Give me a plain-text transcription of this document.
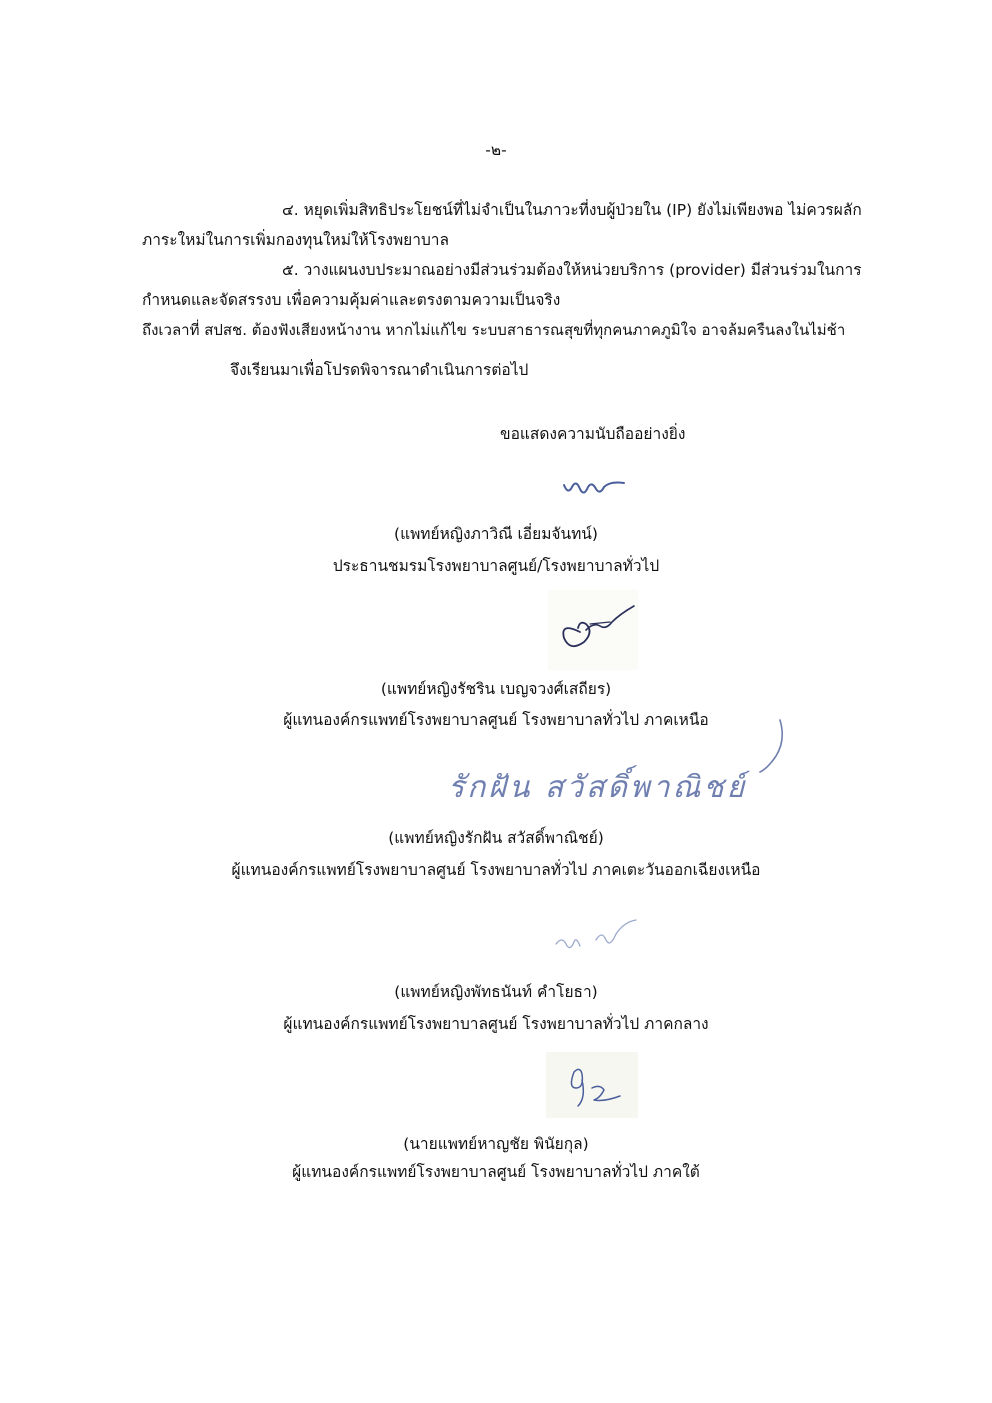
-๒-
๔. หยุดเพิ่มสิทธิประโยชน์ที่ไม่จำเป็นในภาวะที่งบผู้ป่วยใน (IP) ยังไม่เพียงพอ ไม่ควรผลัก
ภาระใหม่ในการเพิ่มกองทุนใหม่ให้โรงพยาบาล
๕. วางแผนงบประมาณอย่างมีส่วนร่วมต้องให้หน่วยบริการ (provider) มีส่วนร่วมในการ
กำหนดและจัดสรรงบ เพื่อความคุ้มค่าและตรงตามความเป็นจริง
ถึงเวลาที่ สปสช. ต้องฟังเสียงหน้างาน หากไม่แก้ไข ระบบสาธารณสุขที่ทุกคนภาคภูมิใจ อาจล้มครืนลงในไม่ช้า
จึงเรียนมาเพื่อโปรดพิจารณาดำเนินการต่อไป
ขอแสดงความนับถืออย่างยิ่ง
(แพทย์หญิงภาวิณี เอี่ยมจันทน์)
ประธานชมรมโรงพยาบาลศูนย์/โรงพยาบาลทั่วไป
(แพทย์หญิงรัชริน เบญจวงศ์เสถียร)
ผู้แทนองค์กรแพทย์โรงพยาบาลศูนย์ โรงพยาบาลทั่วไป ภาคเหนือ
รักฝัน สวัสดิ์พาณิชย์
(แพทย์หญิงรักฝัน สวัสดิ์พาณิชย์)
ผู้แทนองค์กรแพทย์โรงพยาบาลศูนย์ โรงพยาบาลทั่วไป ภาคเตะวันออกเฉียงเหนือ
(แพทย์หญิงพัทธนันท์ คำโยธา)
ผู้แทนองค์กรแพทย์โรงพยาบาลศูนย์ โรงพยาบาลทั่วไป ภาคกลาง
(นายแพทย์หาญชัย พินัยกุล)
ผู้แทนองค์กรแพทย์โรงพยาบาลศูนย์ โรงพยาบาลทั่วไป ภาคใต้
